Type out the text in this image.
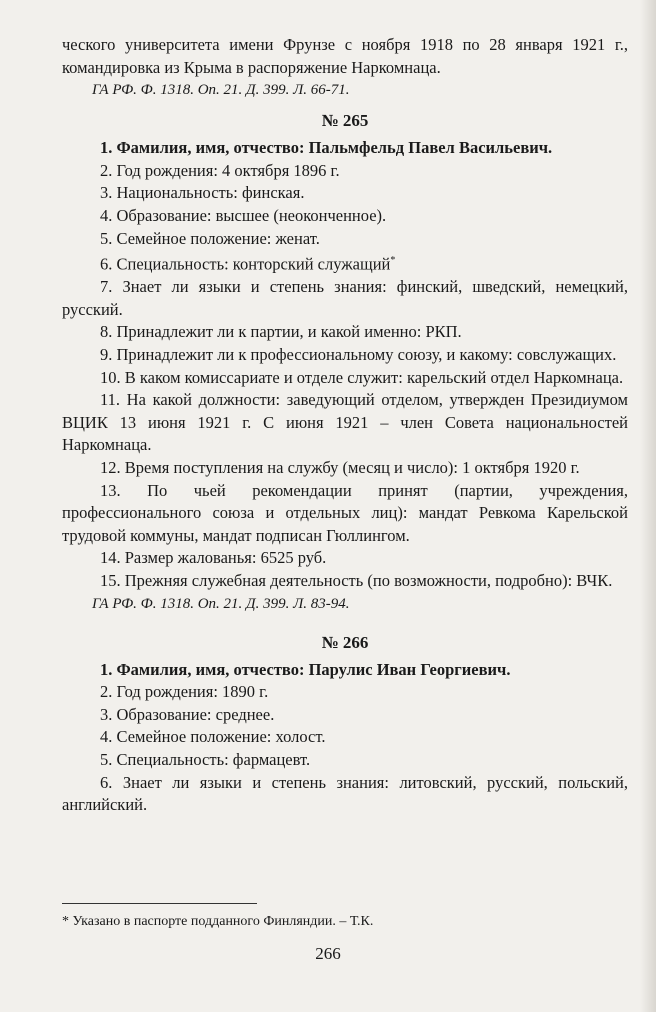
ческого университета имени Фрунзе с ноября 1918 по 28 января 1921 г., командировка из Крыма в распоряжение Наркомнаца.

ГА РФ. Ф. 1318. Оп. 21. Д. 399. Л. 66-71.

№ 265

1. Фамилия, имя, отчество: Пальмфельд Павел Васильевич.

2. Год рождения: 4 октября 1896 г.

3. Национальность: финская.

4. Образование: высшее (неоконченное).

5. Семейное положение: женат.

6. Специальность: конторский служащий*

7. Знает ли языки и степень знания: финский, шведский, немецкий, русский.

8. Принадлежит ли к партии, и какой именно: РКП.

9. Принадлежит ли к профессиональному союзу, и какому: совслужащих.

10. В каком комиссариате и отделе служит: карельский отдел Наркомнаца.

11. На какой должности: заведующий отделом, утвержден Президиумом ВЦИК 13 июня 1921 г. С июня 1921 – член Совета национальностей Наркомнаца.

12. Время поступления на службу (месяц и число): 1 октября 1920 г.

13. По чьей рекомендации принят (партии, учреждения, профессионального союза и отдельных лиц): мандат Ревкома Карельской трудовой коммуны, мандат подписан Гюллингом.

14. Размер жалованья: 6525 руб.

15. Прежняя служебная деятельность (по возможности, подробно): ВЧК.

ГА РФ. Ф. 1318. Оп. 21. Д. 399. Л. 83-94.

№ 266

1. Фамилия, имя, отчество: Парулис Иван Георгиевич.

2. Год рождения: 1890 г.

3. Образование: среднее.

4. Семейное положение: холост.

5. Специальность: фармацевт.

6. Знает ли языки и степень знания: литовский, русский, польский, английский.

* Указано в паспорте подданного Финляндии. – Т.К.

266
